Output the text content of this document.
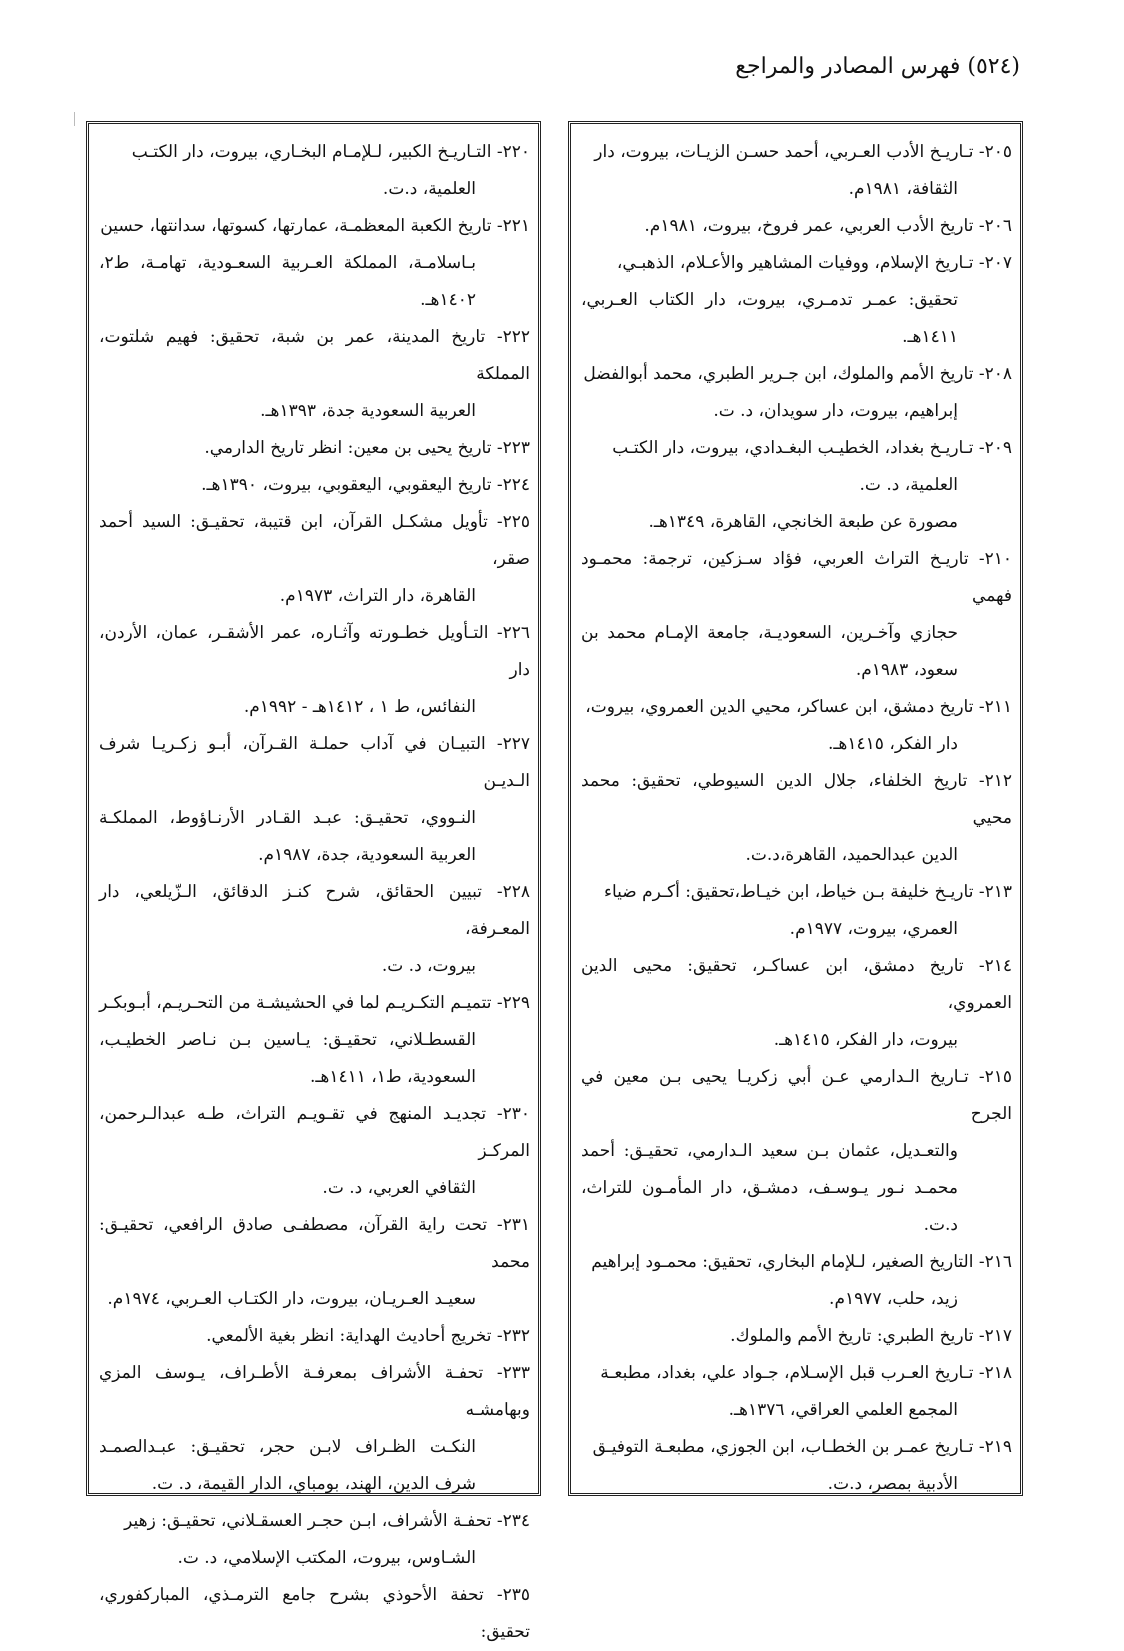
(٥٢٤) فهرس المصادر والمراجع

٢٠٥- تـاريـخ الأدب العـربي، أحمد حسـن الزيـات، بيروت، دار
الثقافة، ١٩٨١م.

٢٠٦- تاريخ الأدب العربي، عمر فروخ، بيروت، ١٩٨١م.

٢٠٧- تـاريخ الإسلام، ووفيات المشاهير والأعـلام، الذهبـي،
تحقيق: عمـر تدمـري، بيروت، دار الكتاب العـربي، ١٤١١هـ.

٢٠٨- تاريخ الأمم والملوك، ابن جـرير الطبري، محمد أبوالفضل
إبراهيم، بيروت، دار سويدان، د. ت.

٢٠٩- تـاريـخ بغداد، الخطيـب البغـدادي، بيروت، دار الكتـب
العلمية، د. ت.

مصورة عن طبعة الخانجي، القاهرة، ١٣٤٩هـ.

٢١٠- تاريـخ التراث العربي، فؤاد سـزكين، ترجمة: محمـود فهمي
حجازي وآخـرين، السعوديـة، جامعة الإمـام محمد بن سعود، ١٩٨٣م.

٢١١- تاريخ دمشق، ابن عساكر، محيي الدين العمروي، بيروت،
دار الفكر، ١٤١٥هـ.

٢١٢- تاريخ الخلفاء، جلال الدين السيوطي، تحقيق: محمد محيي
الدين عبدالحميد، القاهرة،د.ت.

٢١٣- تاريـخ خليفة بـن خياط، ابن خيـاط،تحقيق: أكـرم ضياء
العمري، بيروت، ١٩٧٧م.

٢١٤- تاريخ دمشق، ابن عساكـر، تحقيق: محيى الدين العمروي،
بيروت، دار الفكر، ١٤١٥هـ.

٢١٥- تـاريخ الـدارمي عـن أبي زكريـا يحيى بـن معين في الجرح
والتعـديل، عثمان بـن سعيد الـدارمي، تحقيـق: أحمد محمـد نـور يـوسـف، دمشـق، دار المأمـون للتراث، د.ت.

٢١٦- التاريخ الصغير، لـلإمام البخاري، تحقيق: محمـود إبراهيم
زيد، حلب، ١٩٧٧م.

٢١٧- تاريخ الطبري: تاريخ الأمم والملوك.

٢١٨- تـاريخ العـرب قبل الإسـلام، جـواد علي، بغداد، مطبعـة
المجمع العلمي العراقي، ١٣٧٦هـ.

٢١٩- تـاريخ عمـر بن الخطـاب، ابن الجوزي، مطبعـة التوفيـق
الأدبية بمصر، د.ت.

٢٢٠- التـاريـخ الكبير، لـلإمـام البخـاري، بيروت، دار الكتـب
العلمية، د.ت.

٢٢١- تاريخ الكعبة المعظمـة، عمارتها، كسوتها، سدانتها، حسين
بـاسلامـة، المملكة العـربية السعـودية، تهامـة، ط٢، ١٤٠٢هـ.

٢٢٢- تاريخ المدينة، عمر بن شبة، تحقيق: فهيم شلتوت، المملكة
العربية السعودية جدة، ١٣٩٣هـ.

٢٢٣- تاريخ يحيى بن معين: انظر تاريخ الدارمي.

٢٢٤- تاريخ اليعقوبي، اليعقوبي، بيروت، ١٣٩٠هـ.

٢٢٥- تأويل مشكـل القرآن، ابن قتيبة، تحقيـق: السيد أحمد صقر،
القاهرة، دار التراث، ١٩٧٣م.

٢٢٦- التـأويل خطـورته وآثـاره، عمر الأشقـر، عمان، الأردن، دار
النفائس، ط ١ ، ١٤١٢هـ - ١٩٩٢م.

٢٢٧- التبيـان في آداب حملـة القـرآن، أبـو زكـريـا شرف الـديـن
النـووي، تحقيـق: عبـد القـادر الأرنـاؤوط، المملكـة العربية السعودية، جدة، ١٩٨٧م.

٢٢٨- تبيين الحقائق، شرح كنـز الدقائق، الـزّيلعي، دار المعـرفة،
بيروت، د. ت.

٢٢٩- تتميـم التكـريـم لما في الحشيشـة من التحـريـم، أبـوبكـر
القسطـلاني، تحقيـق: يـاسين بـن نـاصر الخطيـب، السعودية، ط١، ١٤١١هـ.

٢٣٠- تجديـد المنهج في تقـويـم التراث، طـه عبدالـرحمن، المركـز
الثقافي العربي، د. ت.

٢٣١- تحت راية القرآن، مصطفـى صادق الرافعي، تحقيـق: محمد
سعيـد العـريـان، بيروت، دار الكتـاب العـربي، ١٩٧٤م.

٢٣٢- تخريج أحاديث الهداية: انظر بغية الألمعي.

٢٣٣- تحفـة الأشراف بمعرفـة الأطـراف، يـوسف المزي وبهامشـه
النكـت الظـراف لابـن حجر، تحقيـق: عبـدالصمـد شرف الدين، الهند، بومباي، الدار القيمة، د. ت.

٢٣٤- تحفـة الأشراف، ابـن حجـر العسقـلاني، تحقيـق: زهير
الشـاوس، بيروت، المكتب الإسلامي، د. ت.

٢٣٥- تحفة الأحوذي بشرح جامع الترمـذي، المباركفوري، تحقيق:
